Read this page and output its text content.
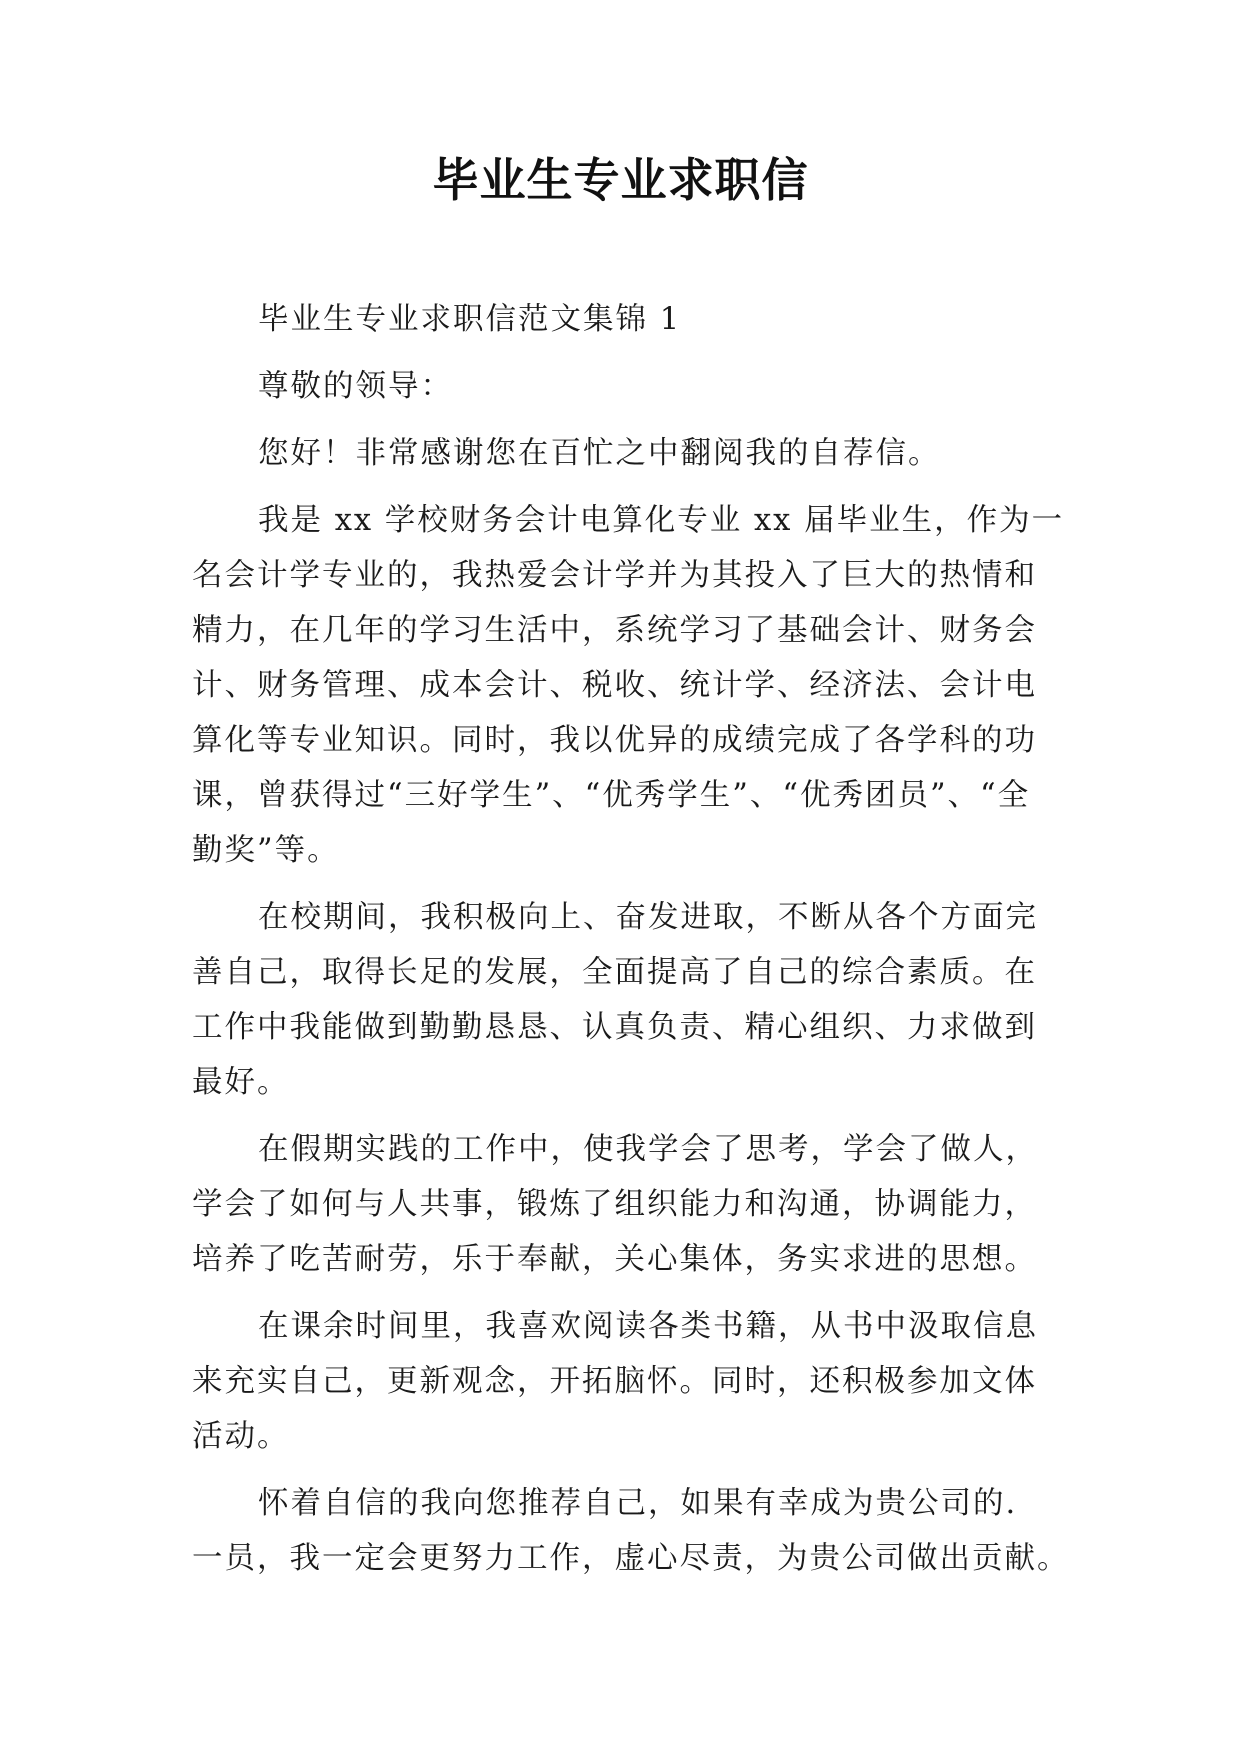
毕业生专业求职信
毕业生专业求职信范文集锦 1
尊敬的领导：
您好！非常感谢您在百忙之中翻阅我的自荐信。
我是 xx 学校财务会计电算化专业 xx 届毕业生，作为一
名会计学专业的，我热爱会计学并为其投入了巨大的热情和
精力，在几年的学习生活中，系统学习了基础会计、财务会
计、财务管理、成本会计、税收、统计学、经济法、会计电
算化等专业知识。同时，我以优异的成绩完成了各学科的功
课，曾获得过“三好学生”、“优秀学生”、“优秀团员”、“全
勤奖”等。
在校期间，我积极向上、奋发进取，不断从各个方面完
善自己，取得长足的发展，全面提高了自己的综合素质。在
工作中我能做到勤勤恳恳、认真负责、精心组织、力求做到
最好。
在假期实践的工作中，使我学会了思考，学会了做人，
学会了如何与人共事，锻炼了组织能力和沟通，协调能力，
培养了吃苦耐劳，乐于奉献，关心集体，务实求进的思想。
在课余时间里，我喜欢阅读各类书籍，从书中汲取信息
来充实自己，更新观念，开拓脑怀。同时，还积极参加文体
活动。
怀着自信的我向您推荐自己，如果有幸成为贵公司的.
一员，我一定会更努力工作，虚心尽责，为贵公司做出贡献。
